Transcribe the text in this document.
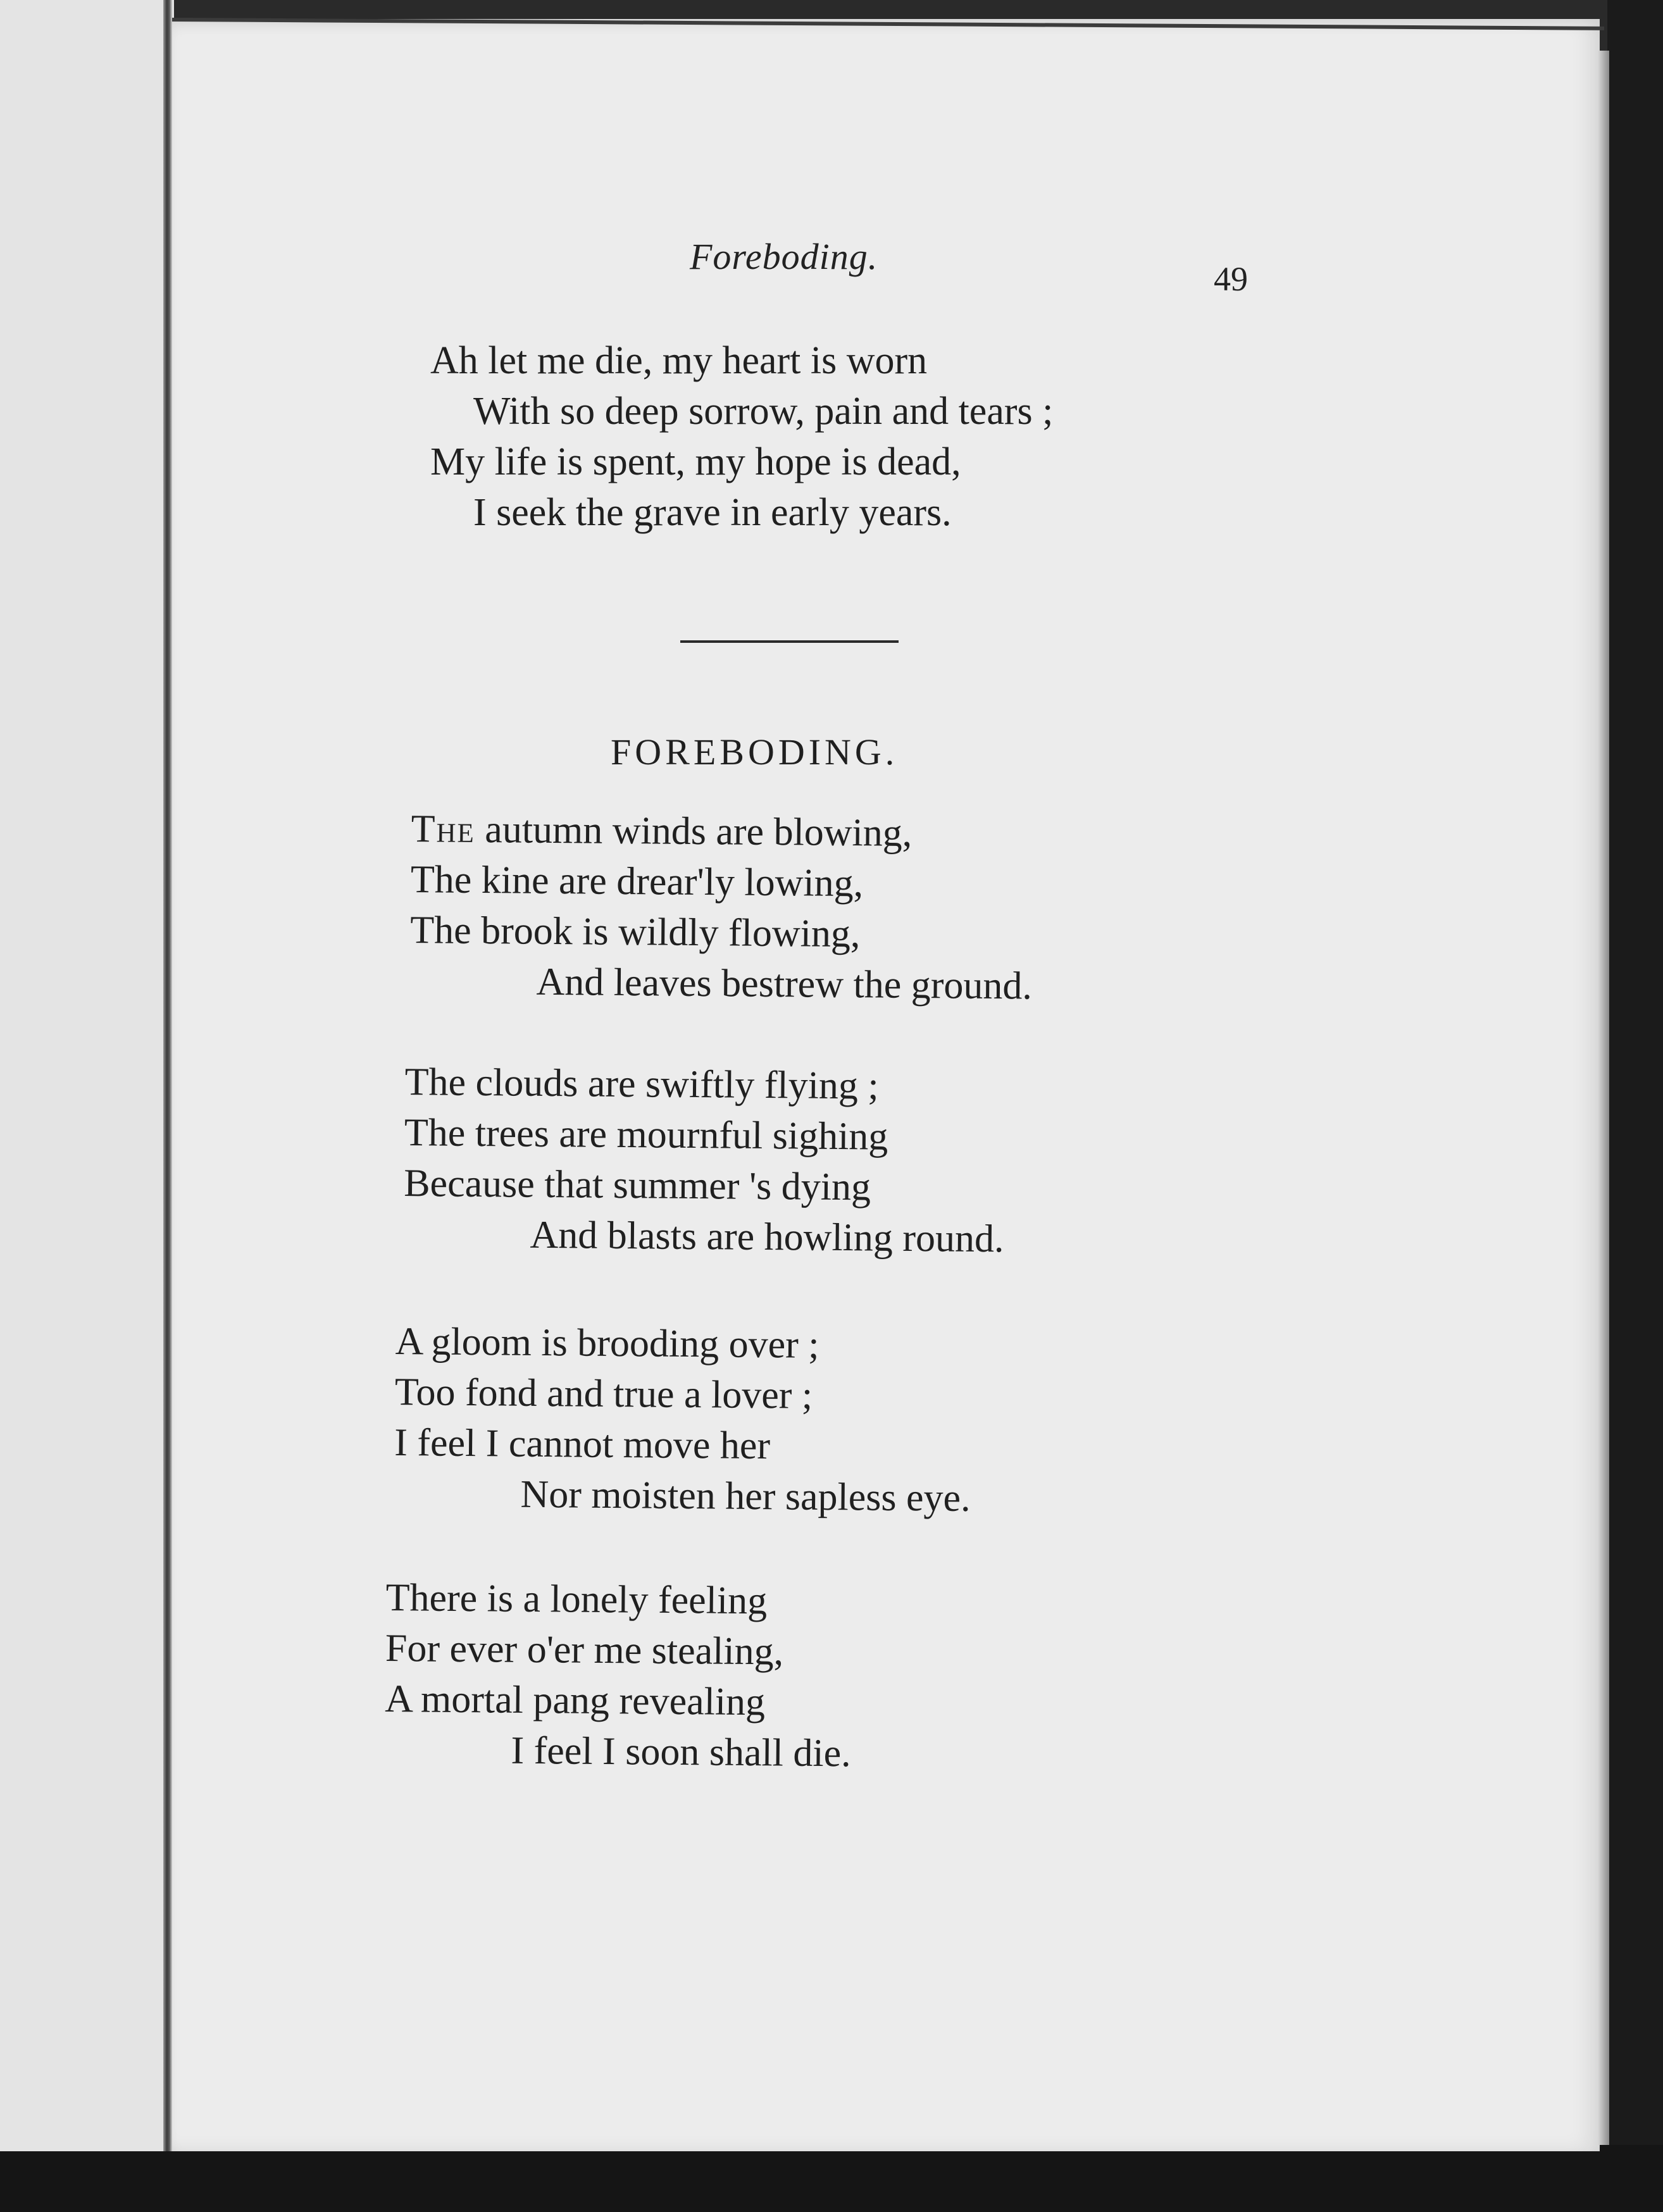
Foreboding.
49
Ah let me die, my heart is worn
With so deep sorrow, pain and tears ;
My life is spent, my hope is dead,
I seek the grave in early years.
FOREBODING.
The autumn winds are blowing,
The kine are drear'ly lowing,
The brook is wildly flowing,
And leaves bestrew the ground.
The clouds are swiftly flying ;
The trees are mournful sighing
Because that summer 's dying
And blasts are howling round.
A gloom is brooding over ;
Too fond and true a lover ;
I feel I cannot move her
Nor moisten her sapless eye.
There is a lonely feeling
For ever o'er me stealing,
A mortal pang revealing
I feel I soon shall die.
